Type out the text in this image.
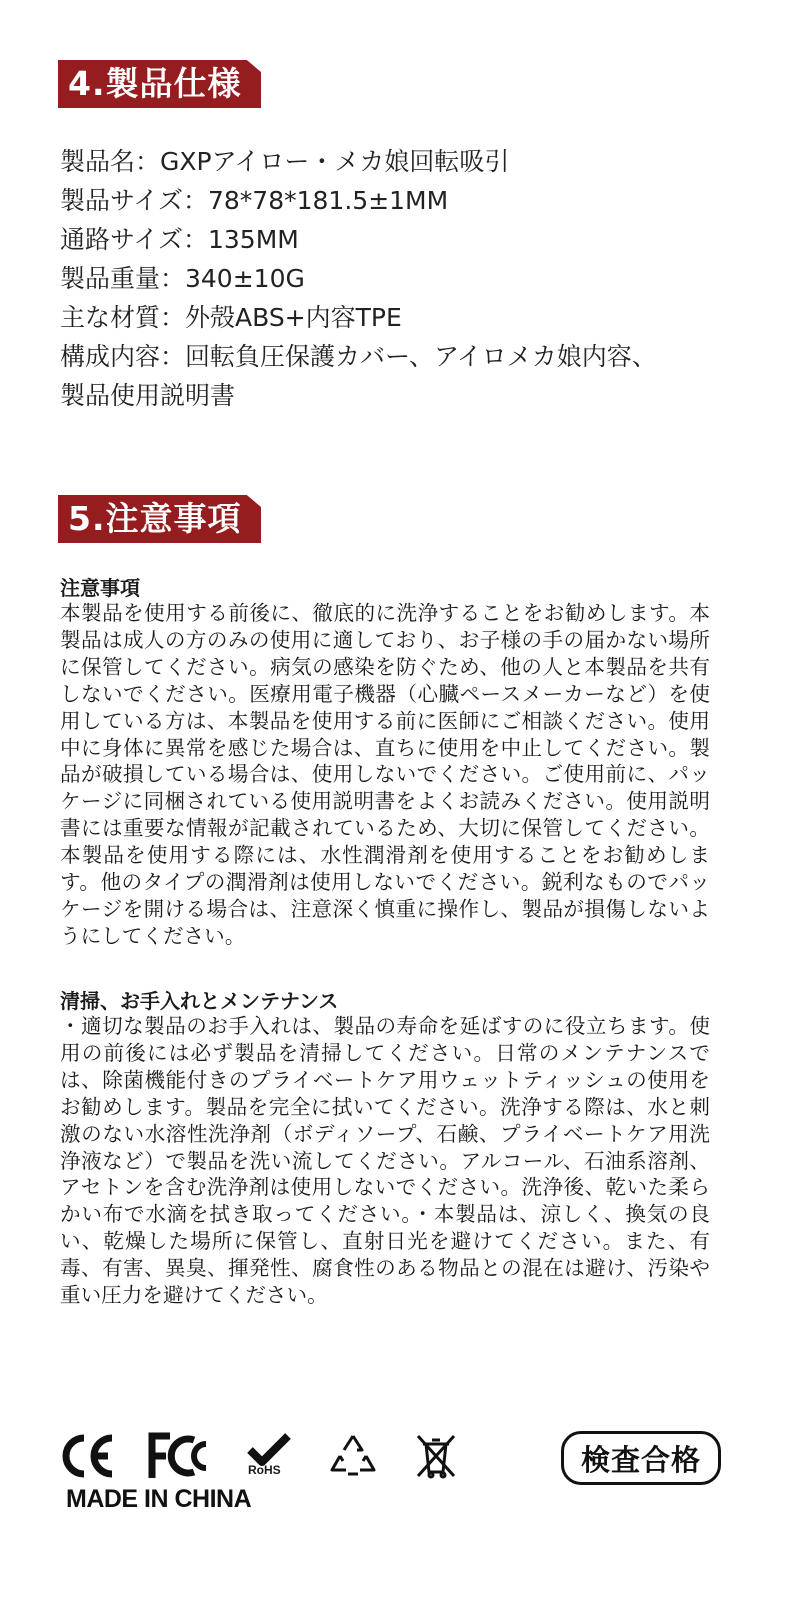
4.製品仕様
製品名：GXPアイロー・メカ娘回転吸引
製品サイズ：78*78*181.5±1MM
通路サイズ：135MM
製品重量：340±10G
主な材質：外殻ABS+内容TPE
構成内容：回転負圧保護カバー、アイロメカ娘内容、
製品使用説明書
5.注意事項
注意事項
本製品を使用する前後に、徹底的に洗浄することをお勧めします。本製品は成人の方のみの使用に適しており、お子様の手の届かない場所に保管してください。病気の感染を防ぐため、他の人と本製品を共有しないでください。医療用電子機器（心臓ペースメーカーなど）を使用している方は、本製品を使用する前に医師にご相談ください。使用中に身体に異常を感じた場合は、直ちに使用を中止してください。製品が破損している場合は、使用しないでください。ご使用前に、パッケージに同梱されている使用説明書をよくお読みください。使用説明書には重要な情報が記載されているため、大切に保管してください。本製品を使用する際には、水性潤滑剤を使用することをお勧めします。他のタイプの潤滑剤は使用しないでください。鋭利なものでパッケージを開ける場合は、注意深く慎重に操作し、製品が損傷しないようにしてください。
清掃、お手入れとメンテナンス
・適切な製品のお手入れは、製品の寿命を延ばすのに役立ちます。使用の前後には必ず製品を清掃してください。日常のメンテナンスでは、除菌機能付きのプライベートケア用ウェットティッシュの使用をお勧めします。製品を完全に拭いてください。洗浄する際は、水と刺激のない水溶性洗浄剤（ボディソープ、石鹸、プライベートケア用洗浄液など）で製品を洗い流してください。アルコール、石油系溶剤、アセトンを含む洗浄剤は使用しないでください。洗浄後、乾いた柔らかい布で水滴を拭き取ってください。・本製品は、涼しく、換気の良い、乾燥した場所に保管し、直射日光を避けてください。また、有毒、有害、異臭、揮発性、腐食性のある物品との混在は避け、汚染や重い圧力を避けてください。
RoHS
MADE IN CHINA
検査合格
